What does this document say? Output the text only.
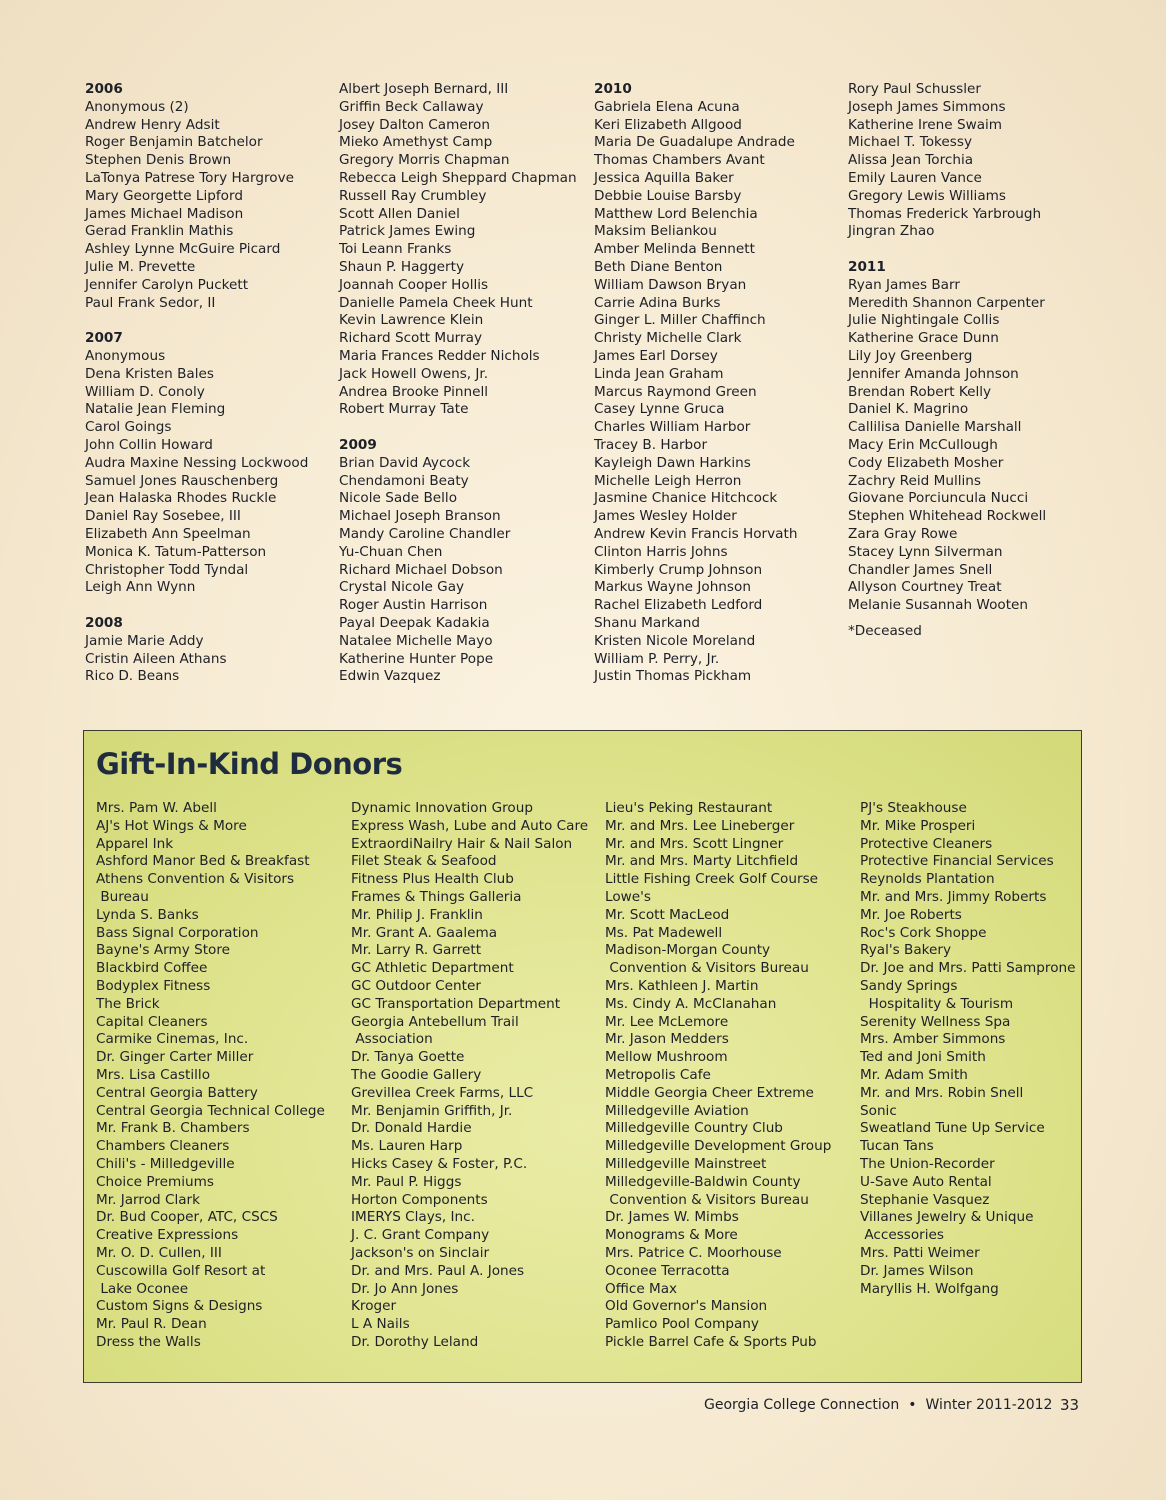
2006
Anonymous (2)
Andrew Henry Adsit
Roger Benjamin Batchelor
Stephen Denis Brown
LaTonya Patrese Tory Hargrove
Mary Georgette Lipford
James Michael Madison
Gerad Franklin Mathis
Ashley Lynne McGuire Picard
Julie M. Prevette
Jennifer Carolyn Puckett
Paul Frank Sedor, II
2007
Anonymous
Dena Kristen Bales
William D. Conoly
Natalie Jean Fleming
Carol Goings
John Collin Howard
Audra Maxine Nessing Lockwood
Samuel Jones Rauschenberg
Jean Halaska Rhodes Ruckle
Daniel Ray Sosebee, III
Elizabeth Ann Speelman
Monica K. Tatum-Patterson
Christopher Todd Tyndal
Leigh Ann Wynn
2008
Jamie Marie Addy
Cristin Aileen Athans
Rico D. Beans
Albert Joseph Bernard, III
Griffin Beck Callaway
Josey Dalton Cameron
Mieko Amethyst Camp
Gregory Morris Chapman
Rebecca Leigh Sheppard Chapman
Russell Ray Crumbley
Scott Allen Daniel
Patrick James Ewing
Toi Leann Franks
Shaun P. Haggerty
Joannah Cooper Hollis
Danielle Pamela Cheek Hunt
Kevin Lawrence Klein
Richard Scott Murray
Maria Frances Redder Nichols
Jack Howell Owens, Jr.
Andrea Brooke Pinnell
Robert Murray Tate
2009
Brian David Aycock
Chendamoni Beaty
Nicole Sade Bello
Michael Joseph Branson
Mandy Caroline Chandler
Yu-Chuan Chen
Richard Michael Dobson
Crystal Nicole Gay
Roger Austin Harrison
Payal Deepak Kadakia
Natalee Michelle Mayo
Katherine Hunter Pope
Edwin Vazquez
2010
Gabriela Elena Acuna
Keri Elizabeth Allgood
Maria De Guadalupe Andrade
Thomas Chambers Avant
Jessica Aquilla Baker
Debbie Louise Barsby
Matthew Lord Belenchia
Maksim Beliankou
Amber Melinda Bennett
Beth Diane Benton
William Dawson Bryan
Carrie Adina Burks
Ginger L. Miller Chaffinch
Christy Michelle Clark
James Earl Dorsey
Linda Jean Graham
Marcus Raymond Green
Casey Lynne Gruca
Charles William Harbor
Tracey B. Harbor
Kayleigh Dawn Harkins
Michelle Leigh Herron
Jasmine Chanice Hitchcock
James Wesley Holder
Andrew Kevin Francis Horvath
Clinton Harris Johns
Kimberly Crump Johnson
Markus Wayne Johnson
Rachel Elizabeth Ledford
Shanu Markand
Kristen Nicole Moreland
William P. Perry, Jr.
Justin Thomas Pickham
Rory Paul Schussler
Joseph James Simmons
Katherine Irene Swaim
Michael T. Tokessy
Alissa Jean Torchia
Emily Lauren Vance
Gregory Lewis Williams
Thomas Frederick Yarbrough
Jingran Zhao
2011
Ryan James Barr
Meredith Shannon Carpenter
Julie Nightingale Collis
Katherine Grace Dunn
Lily Joy Greenberg
Jennifer Amanda Johnson
Brendan Robert Kelly
Daniel K. Magrino
Callilisa Danielle Marshall
Macy Erin McCullough
Cody Elizabeth Mosher
Zachry Reid Mullins
Giovane Porciuncula Nucci
Stephen Whitehead Rockwell
Zara Gray Rowe
Stacey Lynn Silverman
Chandler James Snell
Allyson Courtney Treat
Melanie Susannah Wooten
*Deceased
Gift-In-Kind Donors
Mrs. Pam W. Abell
AJ's Hot Wings & More
Apparel Ink
Ashford Manor Bed & Breakfast
Athens Convention & Visitors
Bureau
Lynda S. Banks
Bass Signal Corporation
Bayne's Army Store
Blackbird Coffee
Bodyplex Fitness
The Brick
Capital Cleaners
Carmike Cinemas, Inc.
Dr. Ginger Carter Miller
Mrs. Lisa Castillo
Central Georgia Battery
Central Georgia Technical College
Mr. Frank B. Chambers
Chambers Cleaners
Chili's - Milledgeville
Choice Premiums
Mr. Jarrod Clark
Dr. Bud Cooper, ATC, CSCS
Creative Expressions
Mr. O. D. Cullen, III
Cuscowilla Golf Resort at
Lake Oconee
Custom Signs & Designs
Mr. Paul R. Dean
Dress the Walls
Dynamic Innovation Group
Express Wash, Lube and Auto Care
ExtraordiNailry Hair & Nail Salon
Filet Steak & Seafood
Fitness Plus Health Club
Frames & Things Galleria
Mr. Philip J. Franklin
Mr. Grant A. Gaalema
Mr. Larry R. Garrett
GC Athletic Department
GC Outdoor Center
GC Transportation Department
Georgia Antebellum Trail
Association
Dr. Tanya Goette
The Goodie Gallery
Grevillea Creek Farms, LLC
Mr. Benjamin Griffith, Jr.
Dr. Donald Hardie
Ms. Lauren Harp
Hicks Casey & Foster, P.C.
Mr. Paul P. Higgs
Horton Components
IMERYS Clays, Inc.
J. C. Grant Company
Jackson's on Sinclair
Dr. and Mrs. Paul A. Jones
Dr. Jo Ann Jones
Kroger
L A Nails
Dr. Dorothy Leland
Lieu's Peking Restaurant
Mr. and Mrs. Lee Lineberger
Mr. and Mrs. Scott Lingner
Mr. and Mrs. Marty Litchfield
Little Fishing Creek Golf Course
Lowe's
Mr. Scott MacLeod
Ms. Pat Madewell
Madison-Morgan County
Convention & Visitors Bureau
Mrs. Kathleen J. Martin
Ms. Cindy A. McClanahan
Mr. Lee McLemore
Mr. Jason Medders
Mellow Mushroom
Metropolis Cafe
Middle Georgia Cheer Extreme
Milledgeville Aviation
Milledgeville Country Club
Milledgeville Development Group
Milledgeville Mainstreet
Milledgeville-Baldwin County
Convention & Visitors Bureau
Dr. James W. Mimbs
Monograms & More
Mrs. Patrice C. Moorhouse
Oconee Terracotta
Office Max
Old Governor's Mansion
Pamlico Pool Company
Pickle Barrel Cafe & Sports Pub
PJ's Steakhouse
Mr. Mike Prosperi
Protective Cleaners
Protective Financial Services
Reynolds Plantation
Mr. and Mrs. Jimmy Roberts
Mr. Joe Roberts
Roc's Cork Shoppe
Ryal's Bakery
Dr. Joe and Mrs. Patti Samprone
Sandy Springs
Hospitality & Tourism
Serenity Wellness Spa
Mrs. Amber Simmons
Ted and Joni Smith
Mr. Adam Smith
Mr. and Mrs. Robin Snell
Sonic
Sweatland Tune Up Service
Tucan Tans
The Union-Recorder
U-Save Auto Rental
Stephanie Vasquez
Villanes Jewelry & Unique
Accessories
Mrs. Patti Weimer
Dr. James Wilson
Maryllis H. Wolfgang
Georgia College Connection • Winter 2011-2012 33
